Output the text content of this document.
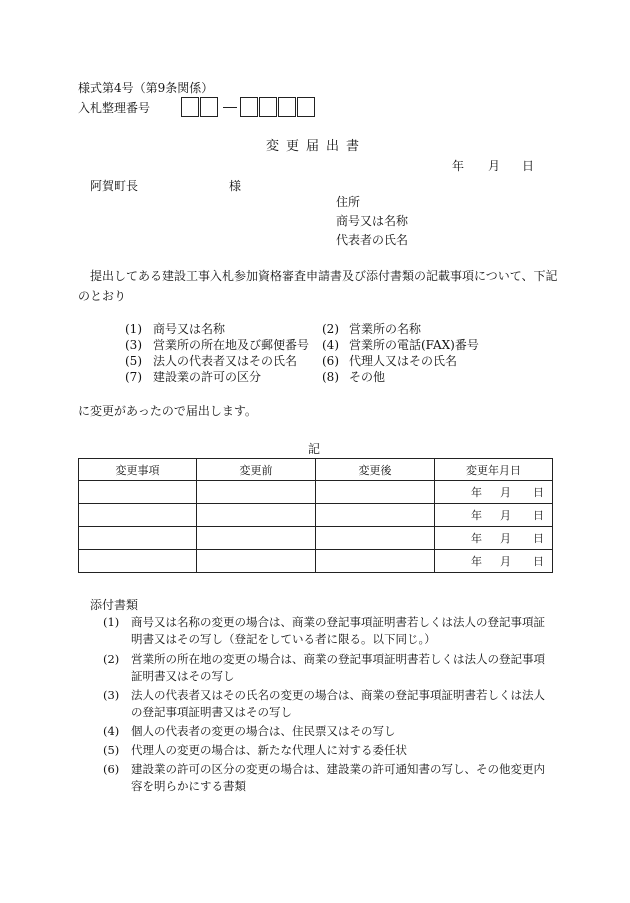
様式第4号（第9条関係）
入札整理番号
変更届出書
年 月 日
阿賀町長	様
住所
商号又は名称
代表者の氏名
提出してある建設工事入札参加資格審査申請書及び添付書類の記載事項について、下記
のとおり
(1) 商号又は名称	(2) 営業所の名称
(3) 営業所の所在地及び郵便番号 (4) 営業所の電話(FAX)番号
(5) 法人の代表者又はその氏名 (6) 代理人又はその氏名
(7) 建設業の許可の区分	(8) その他
に変更があったので届出します。
記
変更事項	変更前	変更後	変更年月日

			年 月 日

			年 月 日

			年 月 日

			年 月 日
添付書類
(1) 商号又は名称の変更の場合は、商業の登記事項証明書若しくは法人の登記事項証
明書又はその写し（登記をしている者に限る。以下同じ。）
(2) 営業所の所在地の変更の場合は、商業の登記事項証明書若しくは法人の登記事項
証明書又はその写し
(3) 法人の代表者又はその氏名の変更の場合は、商業の登記事項証明書若しくは法人
の登記事項証明書又はその写し
(4) 個人の代表者の変更の場合は、住民票又はその写し
(5) 代理人の変更の場合は、新たな代理人に対する委任状
(6) 建設業の許可の区分の変更の場合は、建設業の許可通知書の写し、その他変更内
容を明らかにする書類
